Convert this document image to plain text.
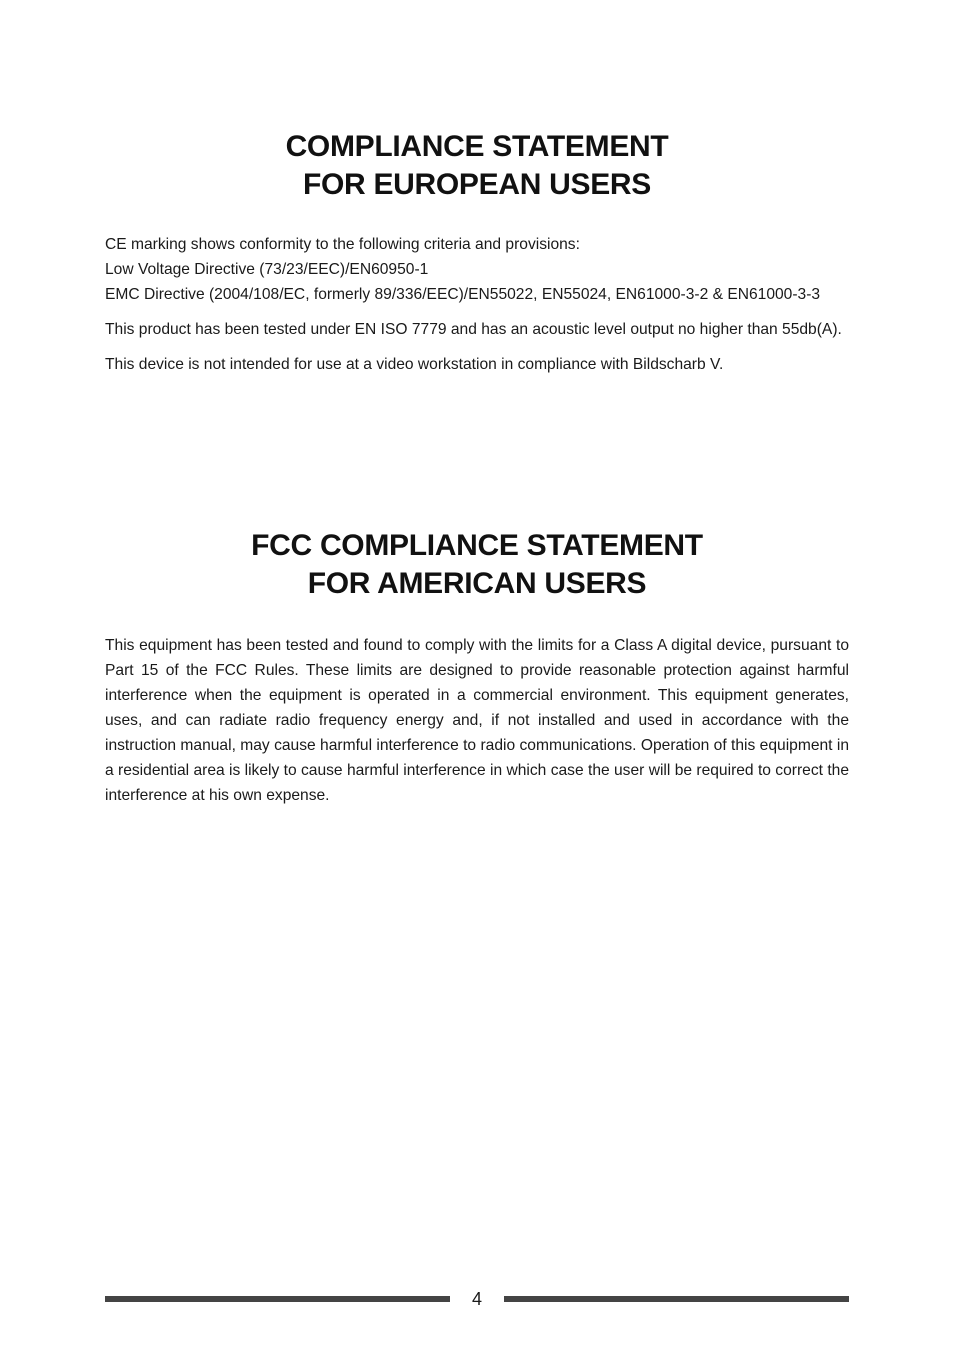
COMPLIANCE STATEMENT
FOR EUROPEAN USERS

CE marking shows conformity to the following criteria and provisions:
Low Voltage Directive (73/23/EEC)/EN60950-1
EMC Directive (2004/108/EC, formerly 89/336/EEC)/EN55022, EN55024, EN61000-3-2 & EN61000-3-3

This product has been tested under EN ISO 7779 and has an acoustic level output no higher than 55db(A).

This device is not intended for use at a video workstation in compliance with Bildscharb V.

FCC COMPLIANCE STATEMENT
FOR AMERICAN USERS

This equipment has been tested and found to comply with the limits for a Class A digital device, pursuant to Part 15 of the FCC Rules. These limits are designed to provide reasonable protection against harmful interference when the equipment is operated in a commercial environment. This equipment generates, uses, and can radiate radio frequency energy and, if not installed and used in accordance with the instruction manual, may cause harmful interference to radio communications. Operation of this equipment in a residential area is likely to cause harmful interference in which case the user will be required to correct the interference at his own expense.

4
